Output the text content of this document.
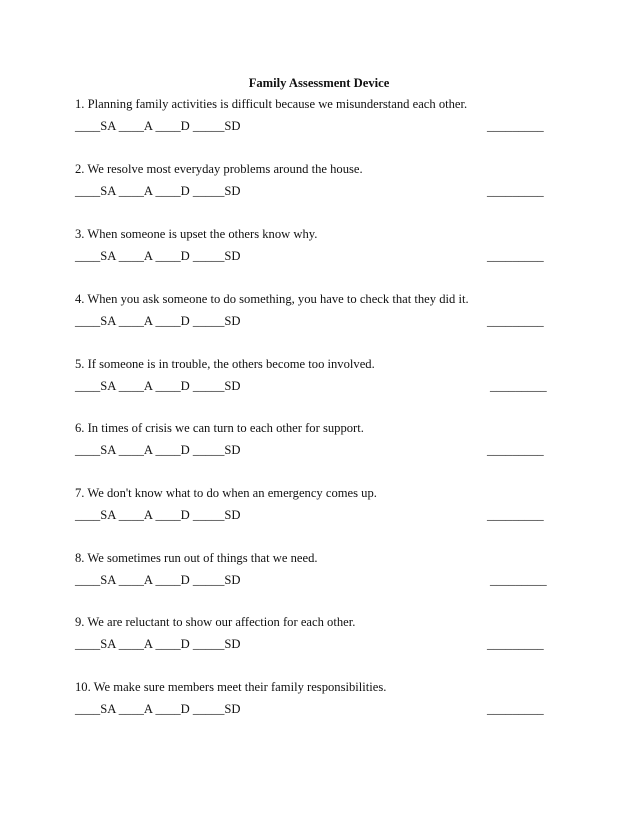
Family Assessment Device
1. Planning family activities is difficult because we misunderstand each other.
____SA ____A ____D _____SD	_________
2. We resolve most everyday problems around the house.
____SA ____A ____D _____SD	_________
3. When someone is upset the others know why.
____SA ____A ____D _____SD	_________
4. When you ask someone to do something, you have to check that they did it.
____SA ____A ____D _____SD	_________
5. If someone is in trouble, the others become too involved.
____SA ____A ____D _____SD	_________
6. In times of crisis we can turn to each other for support.
____SA ____A ____D _____SD	_________
7. We don't know what to do when an emergency comes up.
____SA ____A ____D _____SD	_________
8. We sometimes run out of things that we need.
____SA ____A ____D _____SD	_________
9. We are reluctant to show our affection for each other.
____SA ____A ____D _____SD	_________
10. We make sure members meet their family responsibilities.
____SA ____A ____D _____SD	_________
